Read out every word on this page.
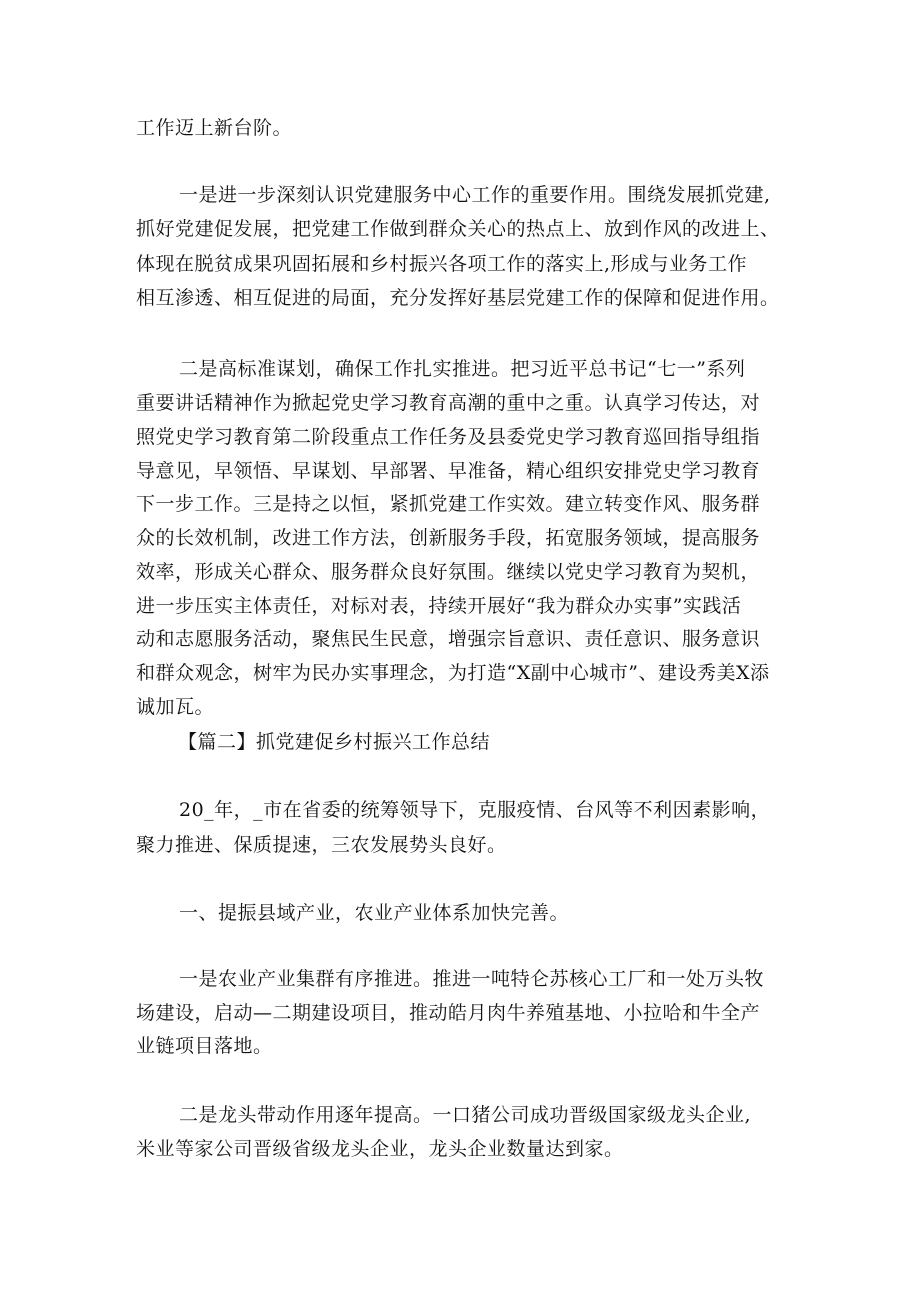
工作迈上新台阶。
一是进一步深刻认识党建服务中心工作的重要作用。围绕发展抓党建,
抓好党建促发展，把党建工作做到群众关心的热点上、放到作风的改进上、
体现在脱贫成果巩固拓展和乡村振兴各项工作的落实上,形成与业务工作
相互渗透、相互促进的局面，充分发挥好基层党建工作的保障和促进作用。
二是高标准谋划，确保工作扎实推进。把习近平总书记“七一”系列
重要讲话精神作为掀起党史学习教育高潮的重中之重。认真学习传达，对
照党史学习教育第二阶段重点工作任务及县委党史学习教育巡回指导组指
导意见，早领悟、早谋划、早部署、早准备，精心组织安排党史学习教育
下一步工作。三是持之以恒，紧抓党建工作实效。建立转变作风、服务群
众的长效机制，改进工作方法，创新服务手段，拓宽服务领域，提高服务
效率，形成关心群众、服务群众良好氛围。继续以党史学习教育为契机，
进一步压实主体责任，对标对表，持续开展好“我为群众办实事”实践活
动和志愿服务活动，聚焦民生民意，增强宗旨意识、责任意识、服务意识
和群众观念，树牢为民办实事理念，为打造“X副中心城市”、建设秀美X添
诚加瓦。
【篇二】抓党建促乡村振兴工作总结
20_年，_市在省委的统筹领导下，克服疫情、台风等不利因素影响，
聚力推进、保质提速，三农发展势头良好。
一、提振县域产业，农业产业体系加快完善。
一是农业产业集群有序推进。推进一吨特仑苏核心工厂和一处万头牧
场建设，启动—二期建设项目，推动皓月肉牛养殖基地、小拉哈和牛全产
业链项目落地。
二是龙头带动作用逐年提高。一口猪公司成功晋级国家级龙头企业,
米业等家公司晋级省级龙头企业，龙头企业数量达到家。
